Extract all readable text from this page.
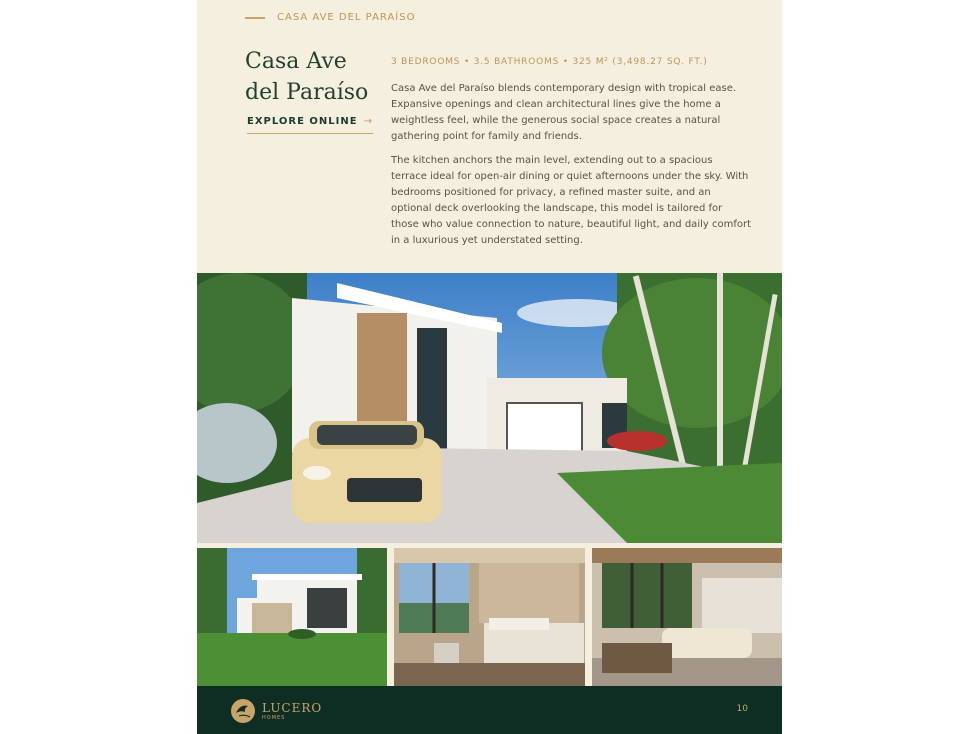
CASA AVE DEL PARAÍSO
Casa Ave
del Paraíso
EXPLORE ONLINE →
3 BEDROOMS • 3.5 BATHROOMS • 325 M² (3,498.27 SQ. FT.)

Casa Ave del Paraíso blends contemporary design with tropical ease. Expansive openings and clean architectural lines give the home a weightless feel, while the generous social space creates a natural gathering point for family and friends.

The kitchen anchors the main level, extending out to a spacious terrace ideal for open-air dining or quiet afternoons under the sky. With bedrooms positioned for privacy, a refined master suite, and an optional deck overlooking the landscape, this model is tailored for those who value connection to nature, beautiful light, and daily comfort in a luxurious yet understated setting.

LUCERO
HOMES
10
